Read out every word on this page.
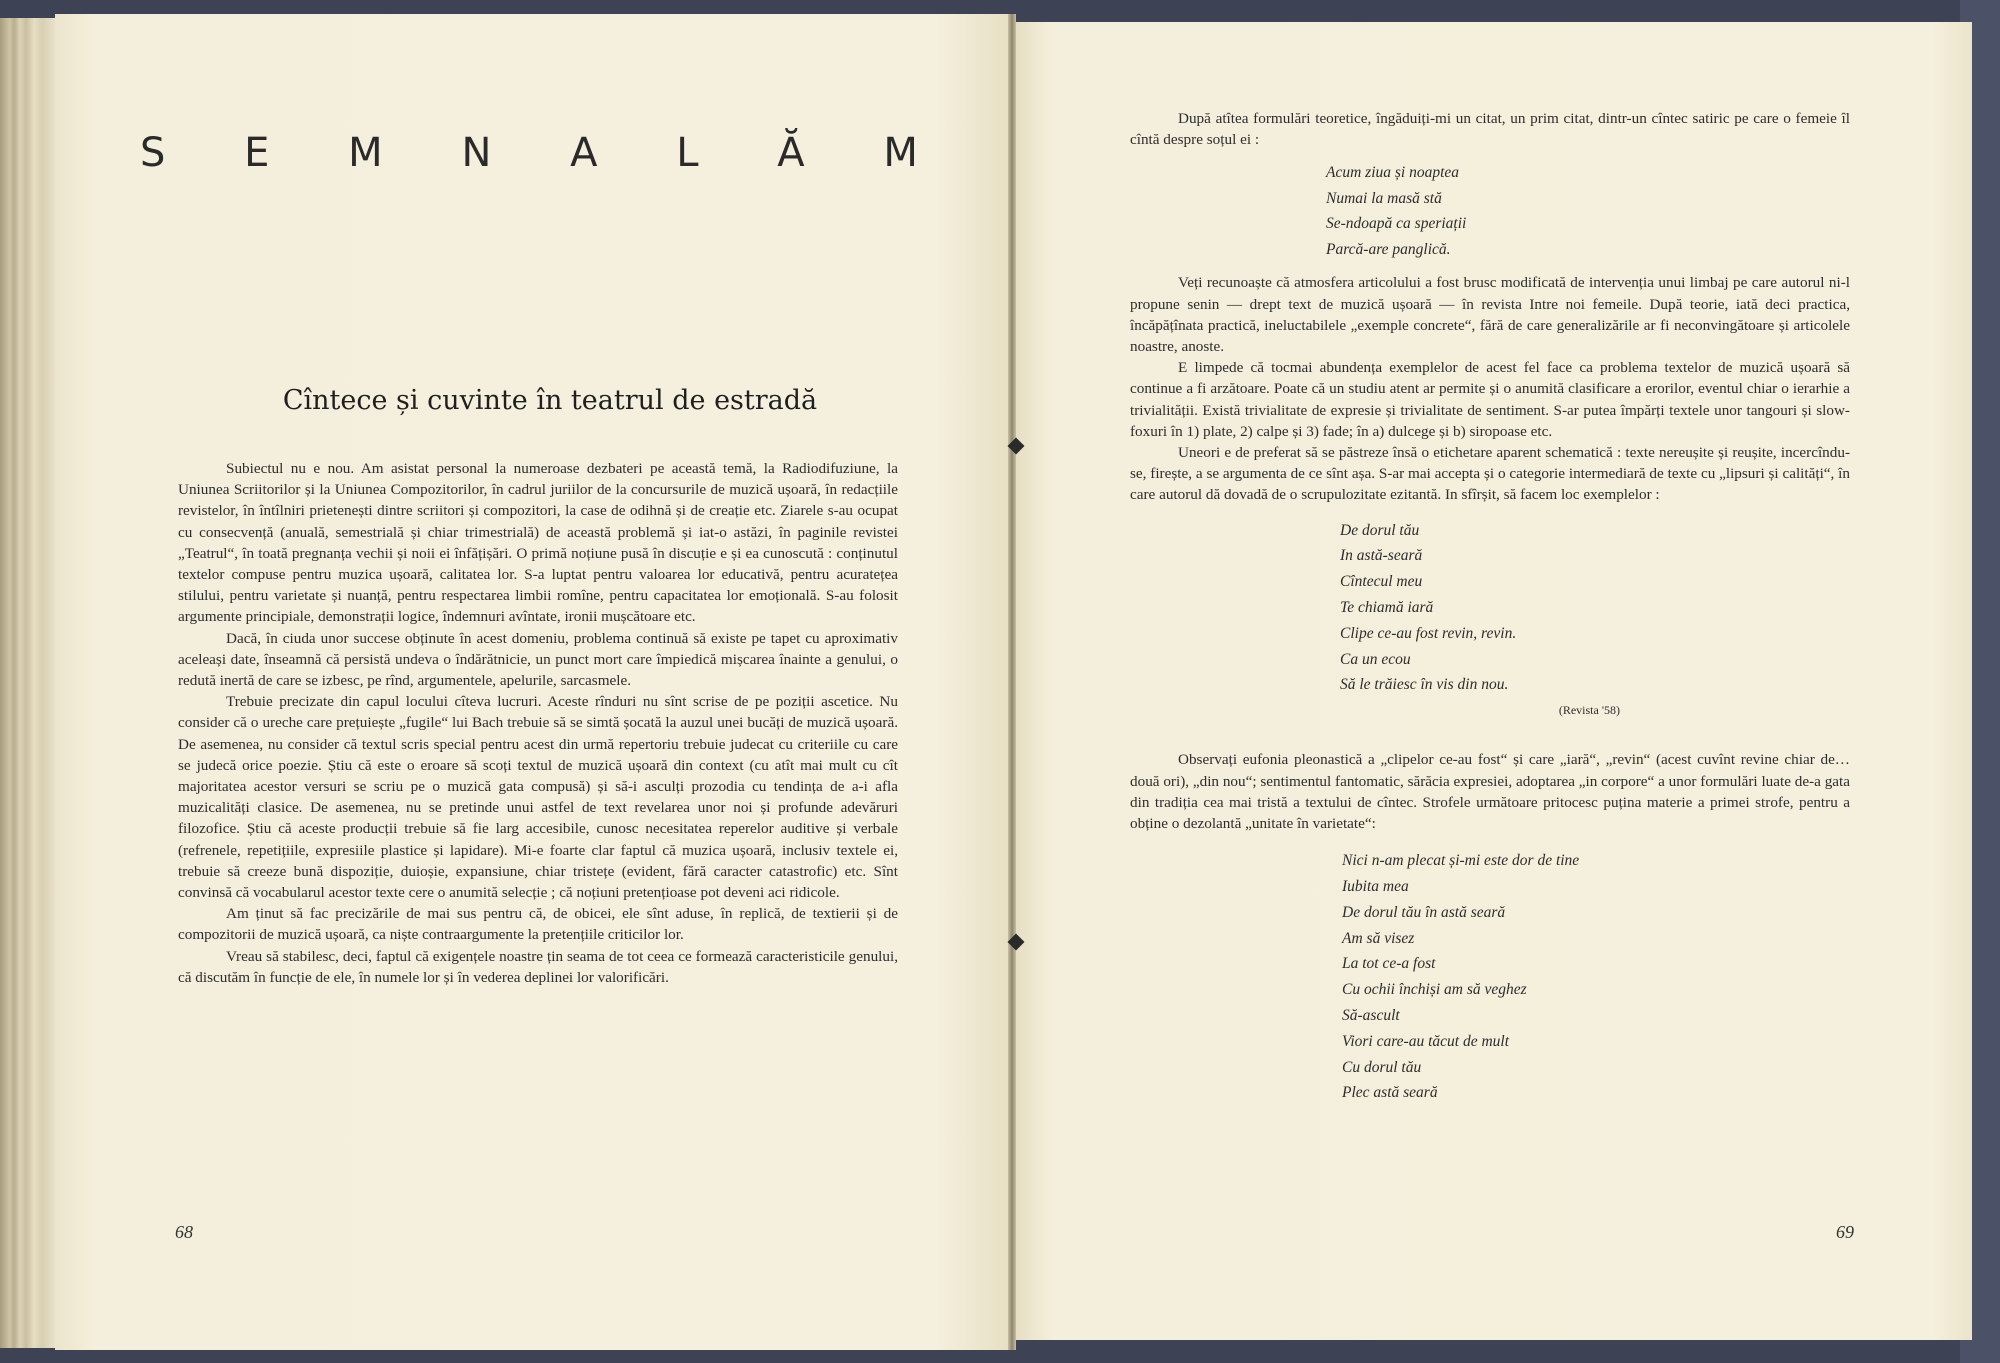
S E M N A L Ă M
Cîntece și cuvinte în teatrul de estradă

Subiectul nu e nou. Am asistat personal la numeroase dezbateri pe această temă, la Radiodifuziune, la Uniunea Scriitorilor și la Uniunea Compozitorilor, în cadrul juriilor de la concursurile de muzică ușoară, în redacțiile revistelor, în întîlniri prietenești dintre scriitori și compozitori, la case de odihnă și de creație etc. Ziarele s-au ocupat cu consecvență (anuală, semestrială și chiar trimestrială) de această problemă și iat-o astăzi, în paginile revistei „Teatrul“, în toată pregnanța vechii și noii ei înfățișări. O primă noțiune pusă în discuție e și ea cunoscută : conținutul textelor compuse pentru muzica ușoară, calitatea lor. S-a luptat pentru valoarea lor educativă, pentru acuratețea stilului, pentru varietate și nuanță, pentru respectarea limbii romîne, pentru capacitatea lor emoțională. S-au folosit argumente principiale, demonstrații logice, îndemnuri avîntate, ironii mușcătoare etc.

Dacă, în ciuda unor succese obținute în acest domeniu, problema continuă să existe pe tapet cu aproximativ aceleași date, înseamnă că persistă undeva o îndărătnicie, un punct mort care împiedică mișcarea înainte a genului, o redută inertă de care se izbesc, pe rînd, argumentele, apelurile, sarcasmele.

Trebuie precizate din capul locului cîteva lucruri. Aceste rînduri nu sînt scrise de pe poziții ascetice. Nu consider că o ureche care prețuiește „fugile“ lui Bach trebuie să se simtă șocată la auzul unei bucăți de muzică ușoară. De asemenea, nu consider că textul scris special pentru acest din urmă repertoriu trebuie judecat cu criteriile cu care se judecă orice poezie. Știu că este o eroare să scoți textul de muzică ușoară din context (cu atît mai mult cu cît majoritatea acestor versuri se scriu pe o muzică gata compusă) și să-i asculți prozodia cu tendința de a-i afla muzicalități clasice. De asemenea, nu se pretinde unui astfel de text revelarea unor noi și profunde adevăruri filozofice. Știu că aceste producții trebuie să fie larg accesibile, cunosc necesitatea reperelor auditive și verbale (refrenele, repetițiile, expresiile plastice și lapidare). Mi-e foarte clar faptul că muzica ușoară, inclusiv textele ei, trebuie să creeze bună dispoziție, duioșie, expansiune, chiar tristețe (evident, fără caracter catastrofic) etc. Sînt convinsă că vocabularul acestor texte cere o anumită selecție ; că noțiuni pretențioase pot deveni aci ridicole.

Am ținut să fac precizările de mai sus pentru că, de obicei, ele sînt aduse, în replică, de textierii și de compozitorii de muzică ușoară, ca niște contraargumente la pretențiile criticilor lor.

Vreau să stabilesc, deci, faptul că exigențele noastre țin seama de tot ceea ce formează caracteristicile genului, că discutăm în funcție de ele, în numele lor și în vederea deplinei lor valorificări.

68

După atîtea formulări teoretice, îngăduiți-mi un citat, un prim citat, dintr-un cîntec satiric pe care o femeie îl cîntă despre soțul ei :

Acum ziua și noaptea
Numai la masă stă
Se-ndoapă ca speriații
Parcă-are panglică.

Veți recunoaște că atmosfera articolului a fost brusc modificată de intervenția unui limbaj pe care autorul ni-l propune senin — drept text de muzică ușoară — în revista Intre noi femeile. După teorie, iată deci practica, încăpățînata practică, ineluctabilele „exemple concrete“, fără de care generalizările ar fi neconvingătoare și articolele noastre, anoste.

E limpede că tocmai abundența exemplelor de acest fel face ca problema textelor de muzică ușoară să continue a fi arzătoare. Poate că un studiu atent ar permite și o anumită clasificare a erorilor, eventul chiar o ierarhie a trivialității. Există trivialitate de expresie și trivialitate de sentiment. S-ar putea împărți textele unor tangouri și slow-foxuri în 1) plate, 2) calpe și 3) fade; în a) dulcege și b) siropoase etc.

Uneori e de preferat să se păstreze însă o etichetare aparent schematică : texte nereușite și reușite, incercîndu-se, firește, a se argumenta de ce sînt așa. S-ar mai accepta și o categorie intermediară de texte cu „lipsuri și calități“, în care autorul dă dovadă de o scrupulozitate ezitantă. In sfîrșit, să facem loc exemplelor :

De dorul tău
In astă-seară
Cîntecul meu
Te chiamă iară
Clipe ce-au fost revin, revin.
Ca un ecou
Să le trăiesc în vis din nou.
(Revista '58)

Observați eufonia pleonastică a „clipelor ce-au fost“ și care „iară“, „revin“ (acest cuvînt revine chiar de… două ori), „din nou“; sentimentul fantomatic, sărăcia expresiei, adoptarea „in corpore“ a unor formulări luate de-a gata din tradiția cea mai tristă a textului de cîntec. Strofele următoare pritocesc puțina materie a primei strofe, pentru a obține o dezolantă „unitate în varietate“:

Nici n-am plecat și-mi este dor de tine
Iubita mea
De dorul tău în astă seară
Am să visez
La tot ce-a fost
Cu ochii închiși am să veghez
Să-ascult
Viori care-au tăcut de mult
Cu dorul tău
Plec astă seară
69
